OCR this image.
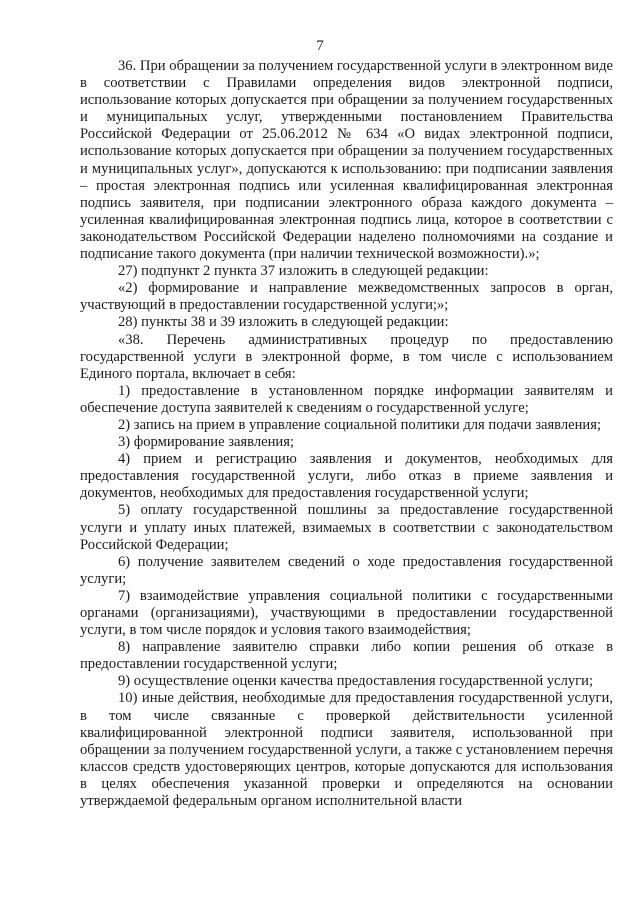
7

36. При обращении за получением государственной услуги в электронном виде в соответствии с Правилами определения видов электронной подписи, использование которых допускается при обращении за получением государственных и муниципальных услуг, утвержденными постановлением Правительства Российской Федерации от 25.06.2012 № 634 «О видах электронной подписи, использование которых допускается при обращении за получением государственных и муниципальных услуг», допускаются к использованию: при подписании заявления – простая электронная подпись или усиленная квалифицированная электронная подпись заявителя, при подписании электронного образа каждого документа – усиленная квалифицированная электронная подпись лица, которое в соответствии с законодательством Российской Федерации наделено полномочиями на создание и подписание такого документа (при наличии технической возможности).»;

27) подпункт 2 пункта 37 изложить в следующей редакции:

«2) формирование и направление межведомственных запросов в орган, участвующий в предоставлении государственной услуги;»;

28) пункты 38 и 39 изложить в следующей редакции:

«38. Перечень административных процедур по предоставлению государственной услуги в электронной форме, в том числе с использованием Единого портала, включает в себя:

1) предоставление в установленном порядке информации заявителям и обеспечение доступа заявителей к сведениям о государственной услуге;

2) запись на прием в управление социальной политики для подачи заявления;

3) формирование заявления;

4) прием и регистрацию заявления и документов, необходимых для предоставления государственной услуги, либо отказ в приеме заявления и документов, необходимых для предоставления государственной услуги;

5) оплату государственной пошлины за предоставление государственной услуги и уплату иных платежей, взимаемых в соответствии с законодательством Российской Федерации;

6) получение заявителем сведений о ходе предоставления государственной услуги;

7) взаимодействие управления социальной политики с государственными органами (организациями), участвующими в предоставлении государственной услуги, в том числе порядок и условия такого взаимодействия;

8) направление заявителю справки либо копии решения об отказе в предоставлении государственной услуги;

9) осуществление оценки качества предоставления государственной услуги;

10) иные действия, необходимые для предоставления государственной услуги, в том числе связанные с проверкой действительности усиленной квалифицированной электронной подписи заявителя, использованной при обращении за получением государственной услуги, а также с установлением перечня классов средств удостоверяющих центров, которые допускаются для использования в целях обеспечения указанной проверки и определяются на основании утверждаемой федеральным органом исполнительной власти
